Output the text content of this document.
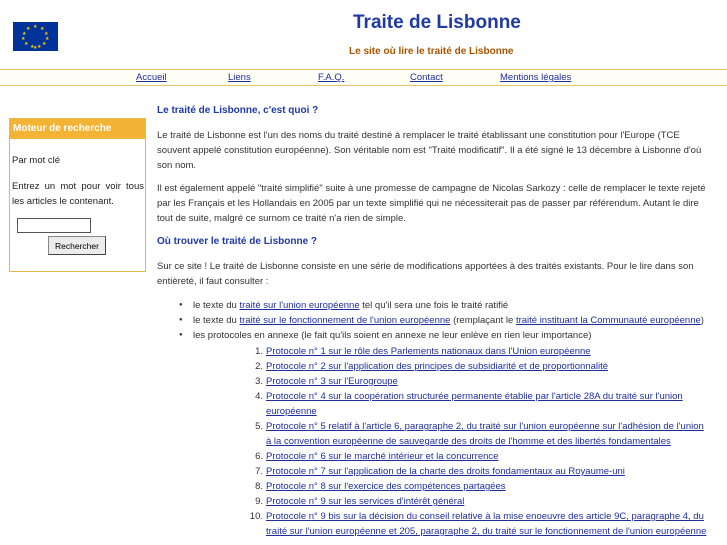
★ ★
★
★
★
★
★
★
★
★
★
★
Traite de Lisbonne
Le site où lire le traité de Lisbonne
Accueil	Liens	F.A.Q.	Contact	Mentions légales
Moteur de recherche
Par mot clé
Entrez un mot pour voir tous les articles le contenant.
Rechercher
Le traité de Lisbonne, c'est quoi ?

Le traité de Lisbonne est l'un des noms du traité destiné à remplacer le traité établissant une constitution pour l'Europe (TCE souvent appelé constitution européenne). Son véritable nom est "Traité modificatif". Il a été signé le 13 décembre à Lisbonne d'où son nom.

Il est également appelé "traité simplifié" suite à une promesse de campagne de Nicolas Sarkozy : celle de remplacer le texte rejeté par les Français et les Hollandais en 2005 par un texte simplifié qui ne nécessiterait pas de passer par référendum. Autant le dire tout de suite, malgré ce surnom ce traité n'a rien de simple.

Où trouver le traité de Lisbonne ?

Sur ce site ! Le traité de Lisbonne consiste en une série de modifications apportées à des traités existants. Pour le lire dans son entièreté, il faut consulter :

● le texte du traité sur l'union européenne tel qu'il sera une fois le traité ratifié
● le texte du traité sur le fonctionnement de l'union européenne (remplaçant le traité instituant la Communauté européenne)
● les protocoles en annexe (le fait qu'ils soient en annexe ne leur enlève en rien leur importance)
1. Protocole n° 1 sur le rôle des Parlements nationaux dans l'Union européenne
2. Protocole n° 2 sur l'application des principes de subsidiarité et de proportionnalité
3. Protocole n° 3 sur l'Eurogroupe
4. Protocole n° 4 sur la coopération structurée permanente établie par l'article 28A du traité sur l'union européenne
5. Protocole n° 5 relatif à l'article 6, paragraphe 2, du traité sur l'union européenne sur l'adhésion de l'union à la convention européenne de sauvegarde des droits de l'homme et des libertés fondamentales
6. Protocole n° 6 sur le marché intérieur et la concurrence
7. Protocole n° 7 sur l'application de la charte des droits fondamentaux au Royaume-uni
8. Protocole n° 8 sur l'exercice des compétences partagées
9. Protocole n° 9 sur les services d'intérêt général
10. Protocole n° 9 bis sur la décision du conseil relative à la mise enoeuvre des article 9C, paragraphe 4, du traité sur l'union européenne et 205, paragraphe 2, du traité sur le fonctionnement de l'union européenne
